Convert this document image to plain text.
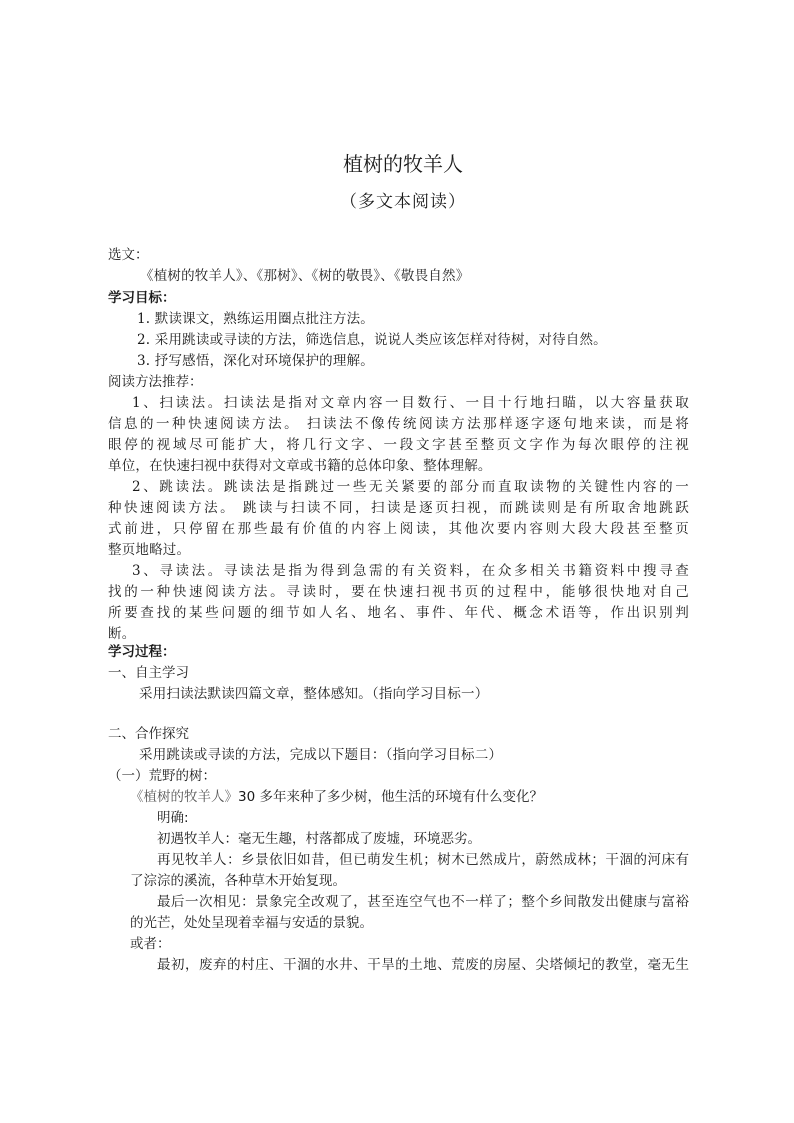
植树的牧羊人
（多文本阅读）
选文：
《植树的牧羊人》、《那树》、《树的敬畏》、《敬畏自然》
学习目标：
1. 默读课文，熟练运用圈点批注方法。
2. 采用跳读或寻读的方法，筛选信息，说说人类应该怎样对待树，对待自然。
3. 抒写感悟，深化对环境保护的理解。
阅读方法推荐：
1、扫读法。扫读法是指对文章内容一目数行、一目十行地扫瞄，以大容量获取
信息的一种快速阅读方法。 扫读法不像传统阅读方法那样逐字逐句地来读，而是将
眼停的视域尽可能扩大，将几行文字、一段文字甚至整页文字作为每次眼停的注视
单位，在快速扫视中获得对文章或书籍的总体印象、整体理解。
2、跳读法。跳读法是指跳过一些无关紧要的部分而直取读物的关键性内容的一
种快速阅读方法。 跳读与扫读不同，扫读是逐页扫视，而跳读则是有所取舍地跳跃
式前进，只停留在那些最有价值的内容上阅读，其他次要内容则大段大段甚至整页
整页地略过。
3、寻读法。寻读法是指为得到急需的有关资料，在众多相关书籍资料中搜寻查
找的一种快速阅读方法。寻读时，要在快速扫视书页的过程中，能够很快地对自己
所要查找的某些问题的细节如人名、地名、事件、年代、概念术语等，作出识别判
断。
学习过程：
一、自主学习
采用扫读法默读四篇文章，整体感知。（指向学习目标一）
二、合作探究
采用跳读或寻读的方法，完成以下题目：（指向学习目标二）
（一）荒野的树：
《植树的牧羊人》30 多年来种了多少树，他生活的环境有什么变化？
明确:
初遇牧羊人：毫无生趣，村落都成了废墟，环境恶劣。
再见牧羊人：乡景依旧如昔，但已萌发生机；树木已然成片，蔚然成林；干涸的河床有
了淙淙的溪流，各种草木开始复现。
最后一次相见：景象完全改观了，甚至连空气也不一样了；整个乡间散发出健康与富裕
的光芒，处处呈现着幸福与安适的景貌。
或者：
最初，废弃的村庄、干涸的水井、干旱的土地、荒废的房屋、尖塔倾圮的教堂，毫无生
